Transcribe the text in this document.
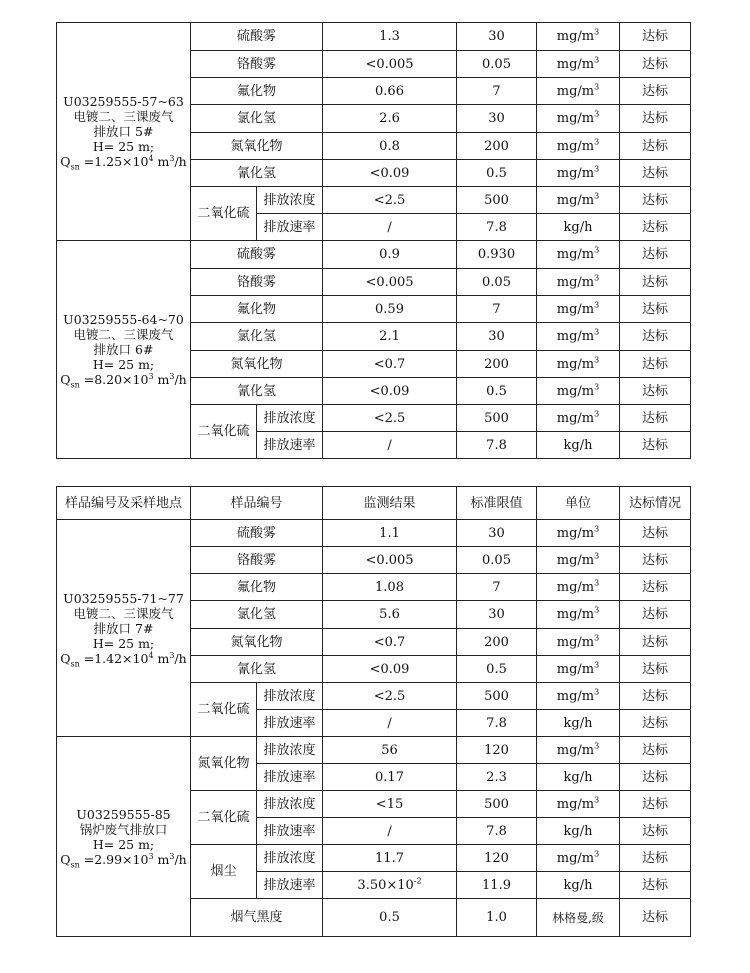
U03259555-57~63
电镀二、三课废气
排放口 5#
H= 25 m;
$Q_{sn} =1.25\times 10^4$ $m^3/h$	硫酸雾		1.3	30	$mg/m^3$	达标
	铬酸雾		<0.005	0.05	$mg/m^3$	达标
	氟化物		0.66	7	$mg/m^3$	达标
	氯化氢		2.6	30	$mg/m^3$	达标
	氮氧化物		0.8	200	$mg/m^3$	达标
	氰化氢		<0.09	0.5	$mg/m^3$	达标
	二氧化硫	排放浓度	<2.5	500	$mg/m^3$	达标
		排放速率	/	7.8	kg/h	达标

U03259555-64~70
电镀二、三课废气
排放口 6#
H= 25 m;
$Q_{sn} =8.20\times 10^3$ $m^3/h$	硫酸雾		0.9	0.930	$mg/m^3$	达标
	铬酸雾		<0.005	0.05	$mg/m^3$	达标
	氟化物		0.59	7	$mg/m^3$	达标
	氯化氢		2.1	30	$mg/m^3$	达标
	氮氧化物		<0.7	200	$mg/m^3$	达标
	氰化氢		<0.09	0.5	$mg/m^3$	达标
	二氧化硫	排放浓度	<2.5	500	$mg/m^3$	达标
		排放速率	/	7.8	kg/h	达标
样品编号及采样地点	样品编号		监测结果	标准限值	单位	达标情况

U03259555-71~77
电镀二、三课废气
排放口 7#
H= 25 m;
$Q_{sn} =1.42\times 10^4$ $m^3/h$	硫酸雾		1.1	30	$mg/m^3$	达标
	铬酸雾		<0.005	0.05	$mg/m^3$	达标
	氟化物		1.08	7	$mg/m^3$	达标
	氯化氢		5.6	30	$mg/m^3$	达标
	氮氧化物		<0.7	200	$mg/m^3$	达标
	氰化氢		<0.09	0.5	$mg/m^3$	达标
	二氧化硫	排放浓度	<2.5	500	$mg/m^3$	达标
		排放速率	/	7.8	kg/h	达标

U03259555-85
锅炉废气排放口
H= 25 m;
$Q_{sn} =2.99\times 10^3$ $m^3/h$	氮氧化物	排放浓度	56	120	$mg/m^3$	达标
		排放速率	0.17	2.3	kg/h	达标
	二氧化硫	排放浓度	<15	500	$mg/m^3$	达标
		排放速率	/	7.8	kg/h	达标
	烟尘	排放浓度	11.7	120	$mg/m^3$	达标
		排放速率	$3.50\times 10^{-2}$	11.9	kg/h	达标
	烟气黑度		0.5	1.0	林格曼,级	达标
